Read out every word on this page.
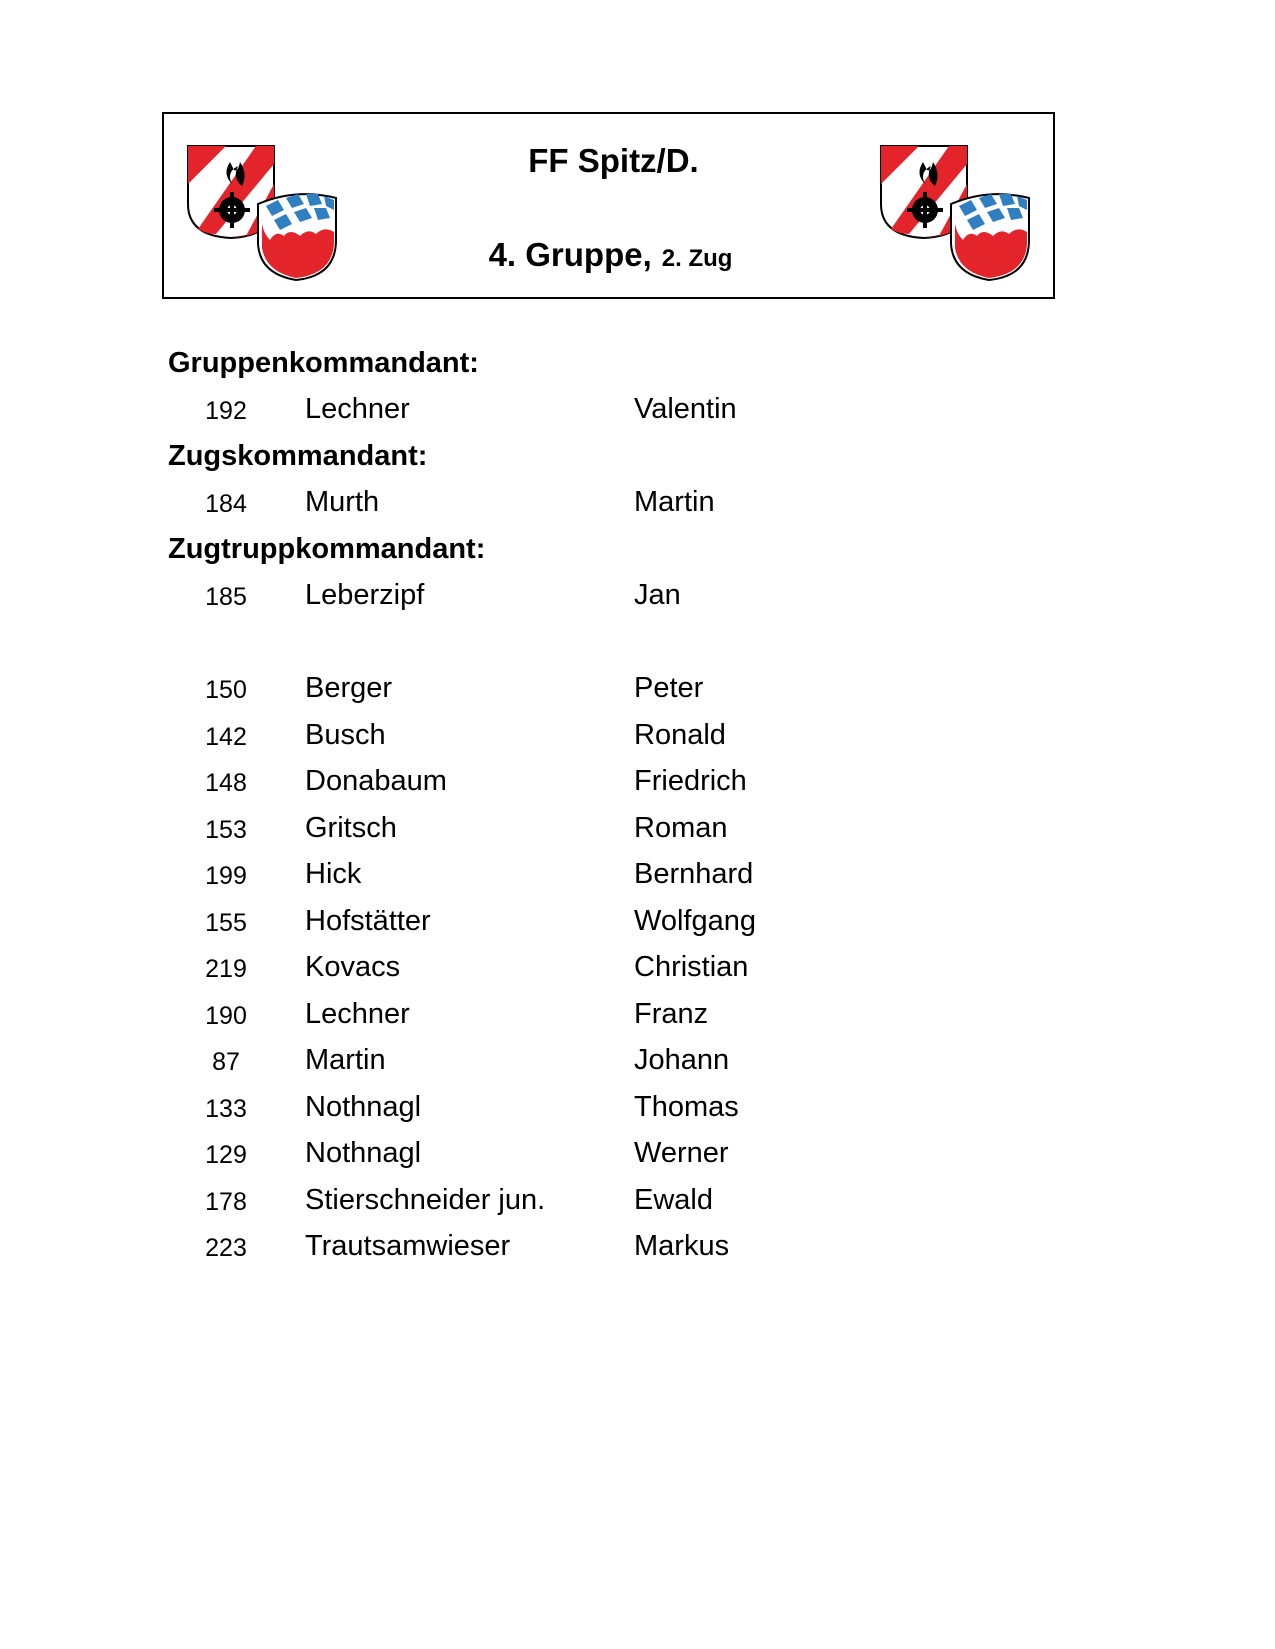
FF Spitz/D.
4. Gruppe, 2. Zug
Gruppenkommandant:
192	Lechner	Valentin
Zugskommandant:
184	Murth	Martin
Zugtruppkommandant:
185	Leberzipf	Jan
150	Berger	Peter
142	Busch	Ronald
148	Donabaum	Friedrich
153	Gritsch	Roman
199	Hick	Bernhard
155	Hofstätter	Wolfgang
219	Kovacs	Christian
190	Lechner	Franz
87	Martin	Johann
133	Nothnagl	Thomas
129	Nothnagl	Werner
178	Stierschneider jun.	Ewald
223	Trautsamwieser	Markus
